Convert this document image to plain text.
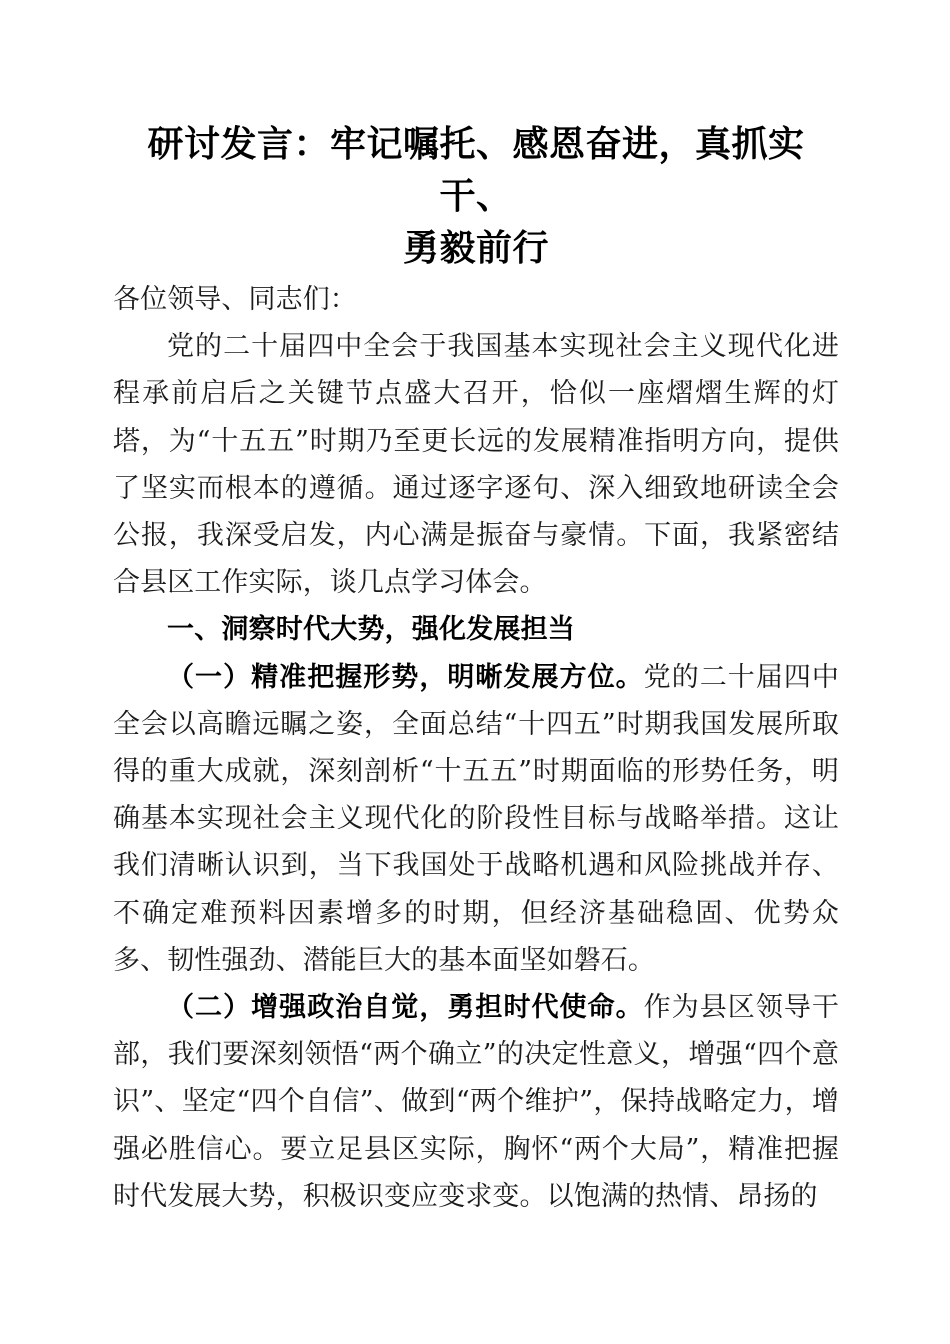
研讨发言：牢记嘱托、感恩奋进，真抓实干、
勇毅前行

各位领导、同志们：

党的二十届四中全会于我国基本实现社会主义现代化进程承前启后之关键节点盛大召开，恰似一座熠熠生辉的灯塔，为“十五五”时期乃至更长远的发展精准指明方向，提供了坚实而根本的遵循。通过逐字逐句、深入细致地研读全会公报，我深受启发，内心满是振奋与豪情。下面，我紧密结合县区工作实际，谈几点学习体会。

一、洞察时代大势，强化发展担当

（一）精准把握形势，明晰发展方位。党的二十届四中全会以高瞻远瞩之姿，全面总结“十四五”时期我国发展所取得的重大成就，深刻剖析“十五五”时期面临的形势任务，明确基本实现社会主义现代化的阶段性目标与战略举措。这让我们清晰认识到，当下我国处于战略机遇和风险挑战并存、不确定难预料因素增多的时期，但经济基础稳固、优势众多、韧性强劲、潜能巨大的基本面坚如磐石。

（二）增强政治自觉，勇担时代使命。作为县区领导干部，我们要深刻领悟“两个确立”的决定性意义，增强“四个意识”、坚定“四个自信”、做到“两个维护”，保持战略定力，增强必胜信心。要立足县区实际，胸怀“两个大局”，精准把握时代发展大势，积极识变应变求变。以饱满的热情、昂扬的
